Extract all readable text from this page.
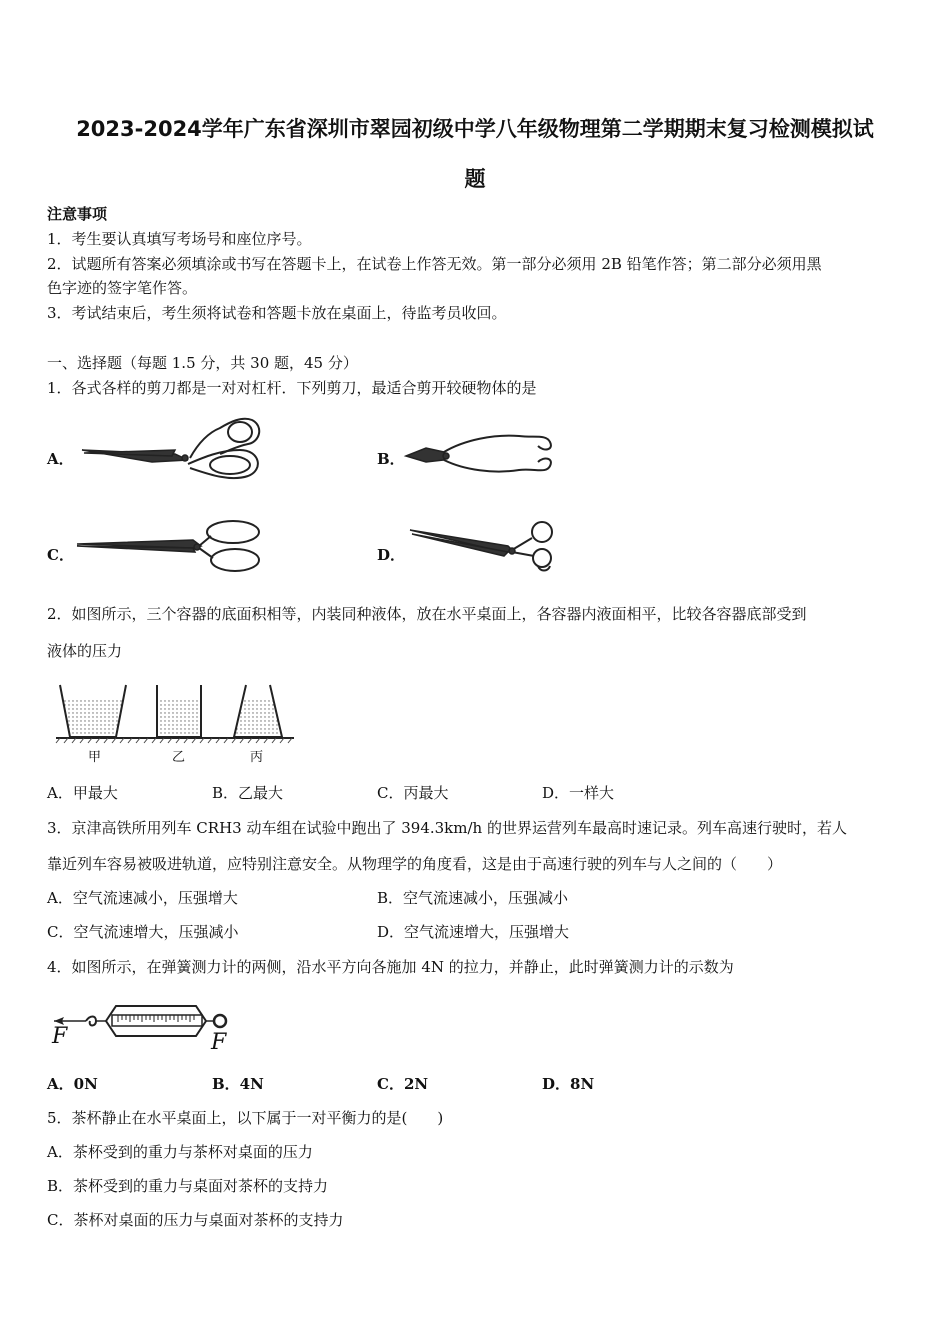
2023-2024学年广东省深圳市翠园初级中学八年级物理第二学期期末复习检测模拟试
题
注意事项
1．考生要认真填写考场号和座位序号。
2．试题所有答案必须填涂或书写在答题卡上，在试卷上作答无效。第一部分必须用 2B 铅笔作答；第二部分必须用黑
色字迹的签字笔作答。
3．考试结束后，考生须将试卷和答题卡放在桌面上，待监考员收回。
一、选择题（每题 1.5 分，共 30 题，45 分）
1．各式各样的剪刀都是一对对杠杆．下列剪刀，最适合剪开较硬物体的是
A．	B．
C．	D．
2．如图所示，三个容器的底面积相等，内装同种液体，放在水平桌面上，各容器内液面相平，比较各容器底部受到
液体的压力
甲	乙	丙
A．甲最大	B．乙最大	C．丙最大	D．一样大
3．京津高铁所用列车 CRH3 动车组在试验中跑出了 394.3km/h 的世界运营列车最高时速记录。列车高速行驶时，若人
靠近列车容易被吸进轨道，应特别注意安全。从物理学的角度看，这是由于高速行驶的列车与人之间的（　　）
A．空气流速减小，压强增大	B．空气流速减小，压强减小
C．空气流速增大，压强减小	D．空气流速增大，压强增大
4．如图所示，在弹簧测力计的两侧，沿水平方向各施加 4N 的拉力，并静止，此时弹簧测力计的示数为
F	F
A．0N	B．4N	C．2N	D．8N
5．茶杯静止在水平桌面上，以下属于一对平衡力的是(　　)
A．茶杯受到的重力与茶杯对桌面的压力
B．茶杯受到的重力与桌面对茶杯的支持力
C．茶杯对桌面的压力与桌面对茶杯的支持力
